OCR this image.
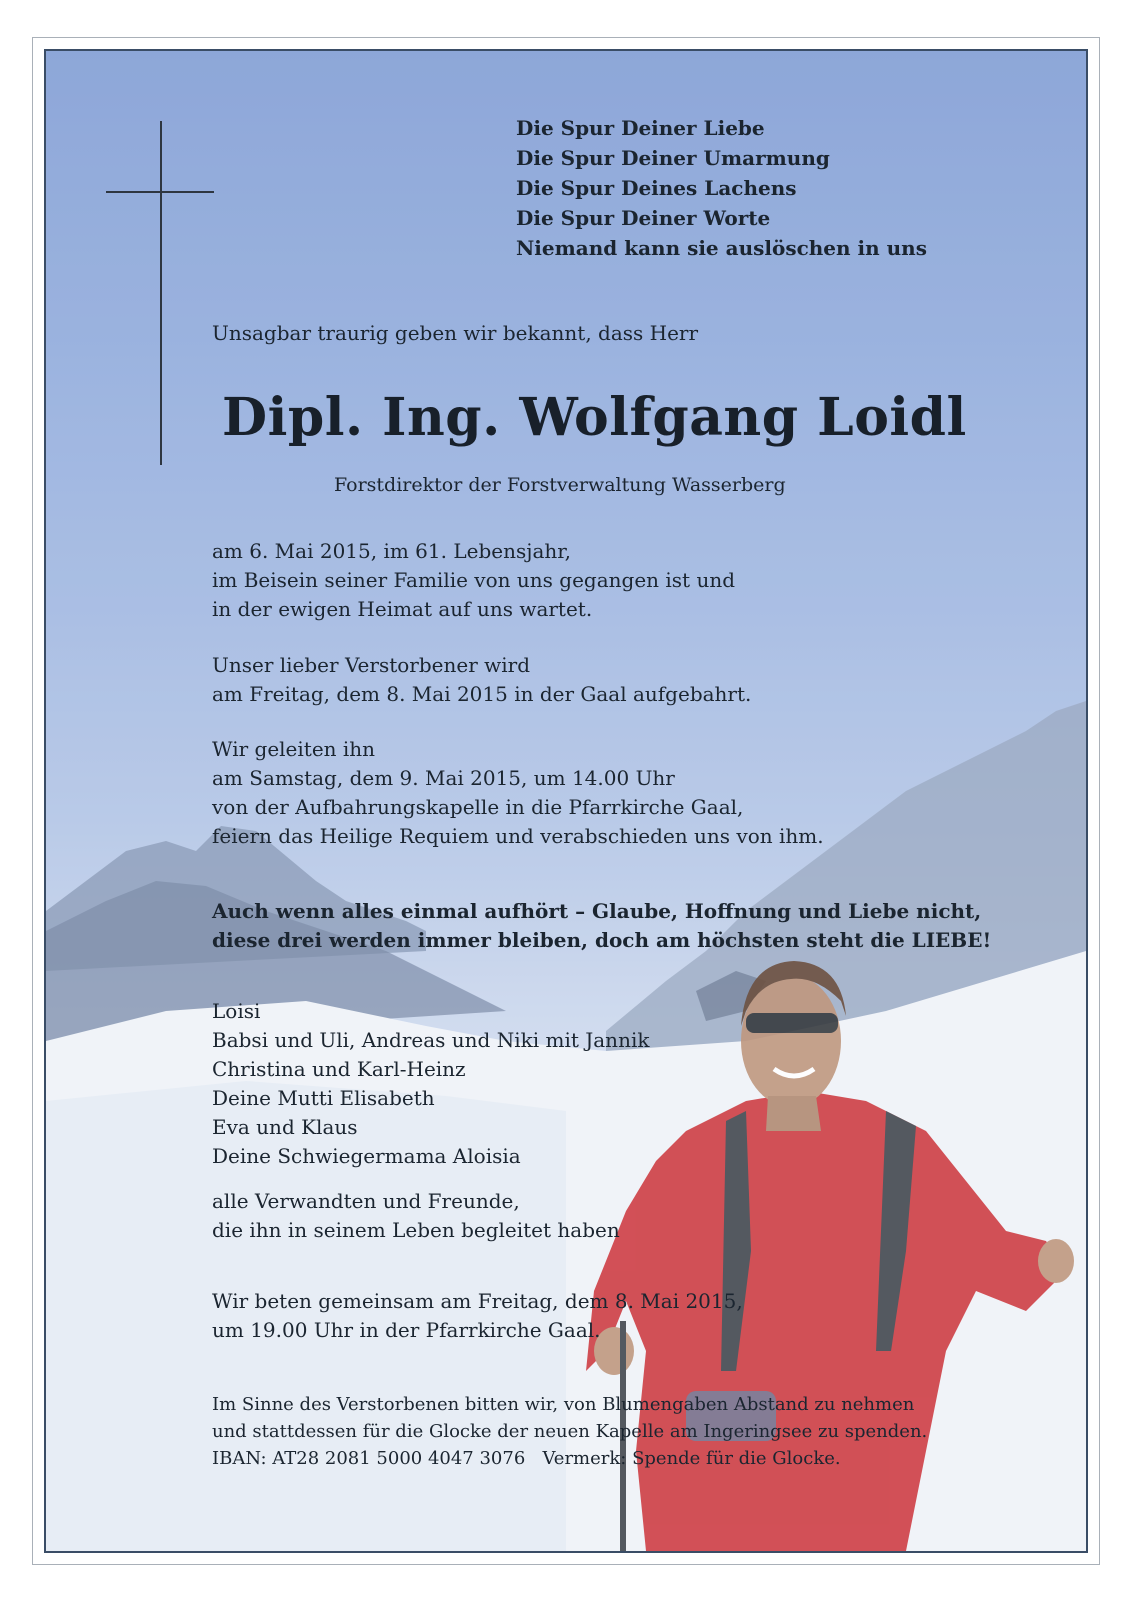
Die Spur Deiner Liebe
Die Spur Deiner Umarmung
Die Spur Deines Lachens
Die Spur Deiner Worte
Niemand kann sie auslöschen in uns
Unsagbar traurig geben wir bekannt, dass Herr
Dipl. Ing. Wolfgang Loidl
Forstdirektor der Forstverwaltung Wasserberg
am 6. Mai 2015, im 61. Lebensjahr,
im Beisein seiner Familie von uns gegangen ist und
in der ewigen Heimat auf uns wartet.
Unser lieber Verstorbener wird
am Freitag, dem 8. Mai 2015 in der Gaal aufgebahrt.
Wir geleiten ihn
am Samstag, dem 9. Mai 2015, um 14.00 Uhr
von der Aufbahrungskapelle in die Pfarrkirche Gaal,
feiern das Heilige Requiem und verabschieden uns von ihm.
Auch wenn alles einmal aufhört – Glaube, Hoffnung und Liebe nicht,
diese drei werden immer bleiben, doch am höchsten steht die LIEBE!
Loisi
Babsi und Uli, Andreas und Niki mit Jannik
Christina und Karl-Heinz
Deine Mutti Elisabeth
Eva und Klaus
Deine Schwiegermama Aloisia
alle Verwandten und Freunde,
die ihn in seinem Leben begleitet haben
Wir beten gemeinsam am Freitag, dem 8. Mai 2015,
um 19.00 Uhr in der Pfarrkirche Gaal.
Im Sinne des Verstorbenen bitten wir, von Blumengaben Abstand zu nehmen
und stattdessen für die Glocke der neuen Kapelle am Ingeringsee zu spenden.
IBAN: AT28 2081 5000 4047 3076   Vermerk: Spende für die Glocke.
